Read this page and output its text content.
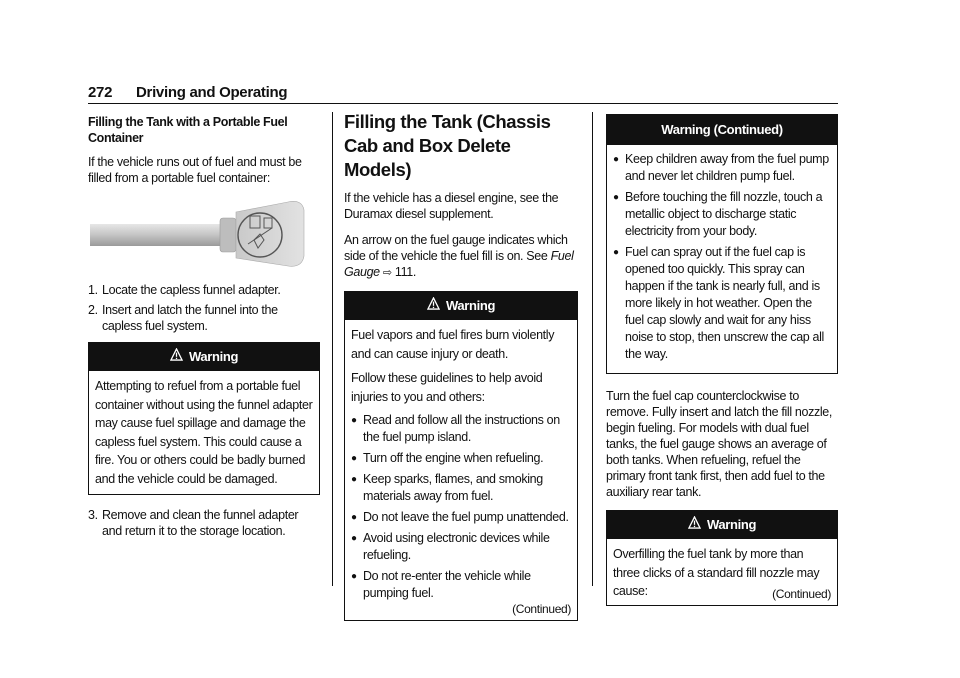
272 Driving and Operating
Filling the Tank with a Portable Fuel Container

If the vehicle runs out of fuel and must be filled from a portable fuel container:

1. Locate the capless funnel adapter.
2. Insert and latch the funnel into the capless fuel system.
Warning
Attempting to refuel from a portable fuel container without using the funnel adapter may cause fuel spillage and damage the capless fuel system. This could cause a fire. You or others could be badly burned and the vehicle could be damaged.
3. Remove and clean the funnel adapter and return it to the storage location.
Filling the Tank (Chassis Cab and Box Delete Models)

If the vehicle has a diesel engine, see the Duramax diesel supplement.

An arrow on the fuel gauge indicates which side of the vehicle the fuel fill is on. See Fuel Gauge ⇨ 111.

Warning

Fuel vapors and fuel fires burn violently and can cause injury or death.

Follow these guidelines to help avoid injuries to you and others:

● Read and follow all the instructions on the fuel pump island.
● Turn off the engine when refueling.
● Keep sparks, flames, and smoking materials away from fuel.
● Do not leave the fuel pump unattended.
● Avoid using electronic devices while refueling.
● Do not re-enter the vehicle while pumping fuel.
(Continued)
Warning (Continued)
● Keep children away from the fuel pump and never let children pump fuel.
● Before touching the fill nozzle, touch a metallic object to discharge static electricity from your body.
● Fuel can spray out if the fuel cap is opened too quickly. This spray can happen if the tank is nearly full, and is more likely in hot weather. Open the fuel cap slowly and wait for any hiss noise to stop, then unscrew the cap all the way.

Turn the fuel cap counterclockwise to remove. Fully insert and latch the fill nozzle, begin fueling. For models with dual fuel tanks, the fuel gauge shows an average of both tanks. When refueling, refuel the primary front tank first, then add fuel to the auxiliary rear tank.

Warning

Overfilling the fuel tank by more than three clicks of a standard fill nozzle may cause:	(Continued)
